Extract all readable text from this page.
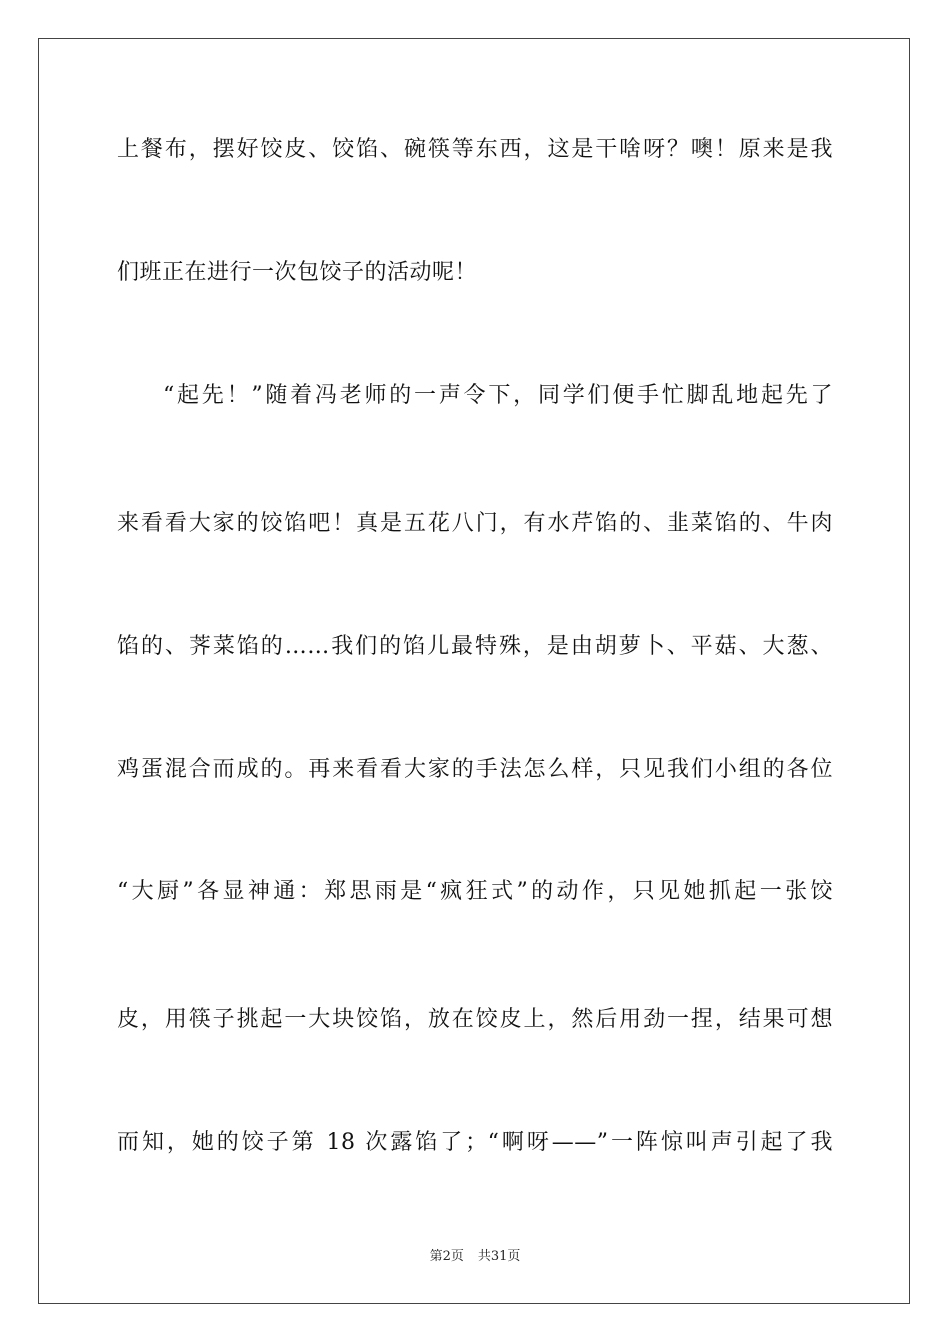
上餐布，摆好饺皮、饺馅、碗筷等东西，这是干啥呀？噢！原来是我
们班正在进行一次包饺子的活动呢！
“起先！”随着冯老师的一声令下，同学们便手忙脚乱地起先了
来看看大家的饺馅吧！真是五花八门，有水芹馅的、韭菜馅的、牛肉
馅的、荠菜馅的……我们的馅儿最特殊，是由胡萝卜、平菇、大葱、
鸡蛋混合而成的。再来看看大家的手法怎么样，只见我们小组的各位
“大厨”各显神通：郑思雨是“疯狂式”的动作，只见她抓起一张饺
皮，用筷子挑起一大块饺馅，放在饺皮上，然后用劲一捏，结果可想
而知，她的饺子第 18 次露馅了；“啊呀——”一阵惊叫声引起了我
第2页 共31页
